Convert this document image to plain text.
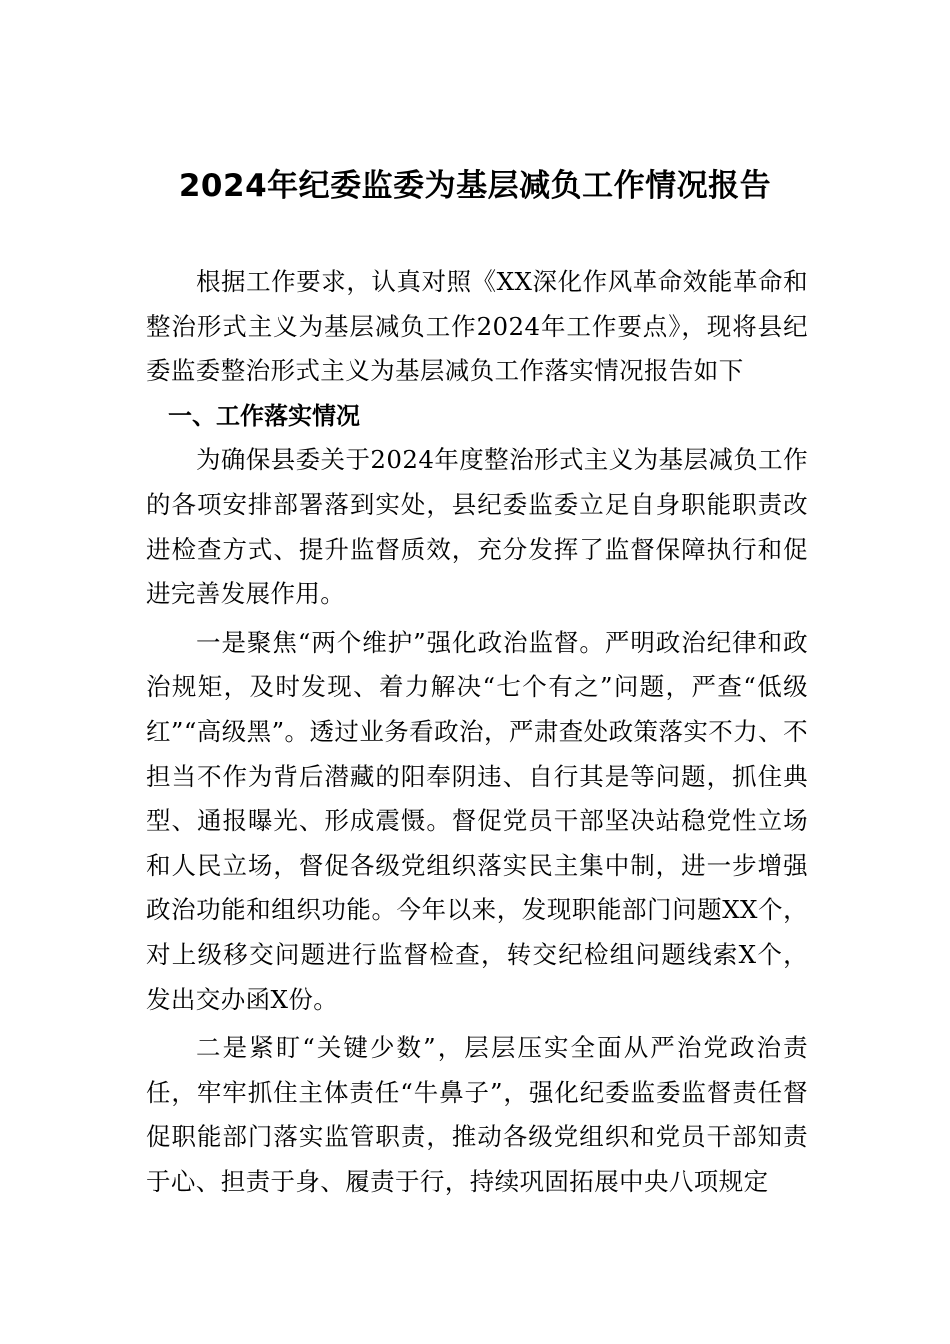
2024年纪委监委为基层减负工作情况报告

根据工作要求，认真对照《XX深化作风革命效能革命和整治形式主义为基层减负工作2024年工作要点》，现将县纪委监委整治形式主义为基层减负工作落实情况报告如下

一、工作落实情况

为确保县委关于2024年度整治形式主义为基层减负工作的各项安排部署落到实处，县纪委监委立足自身职能职责改进检查方式、提升监督质效，充分发挥了监督保障执行和促进完善发展作用。

一是聚焦“两个维护”强化政治监督。严明政治纪律和政治规矩，及时发现、着力解决“七个有之”问题，严查“低级红”“高级黑”。透过业务看政治，严肃查处政策落实不力、不担当不作为背后潜藏的阳奉阴违、自行其是等问题，抓住典型、通报曝光、形成震慑。督促党员干部坚决站稳党性立场和人民立场，督促各级党组织落实民主集中制，进一步增强政治功能和组织功能。今年以来，发现职能部门问题XX个，对上级移交问题进行监督检查，转交纪检组问题线索X个，发出交办函X份。

二是紧盯“关键少数”，层层压实全面从严治党政治责任，牢牢抓住主体责任“牛鼻子”，强化纪委监委监督责任督促职能部门落实监管职责，推动各级党组织和党员干部知责于心、担责于身、履责于行，持续巩固拓展中央八项规定
